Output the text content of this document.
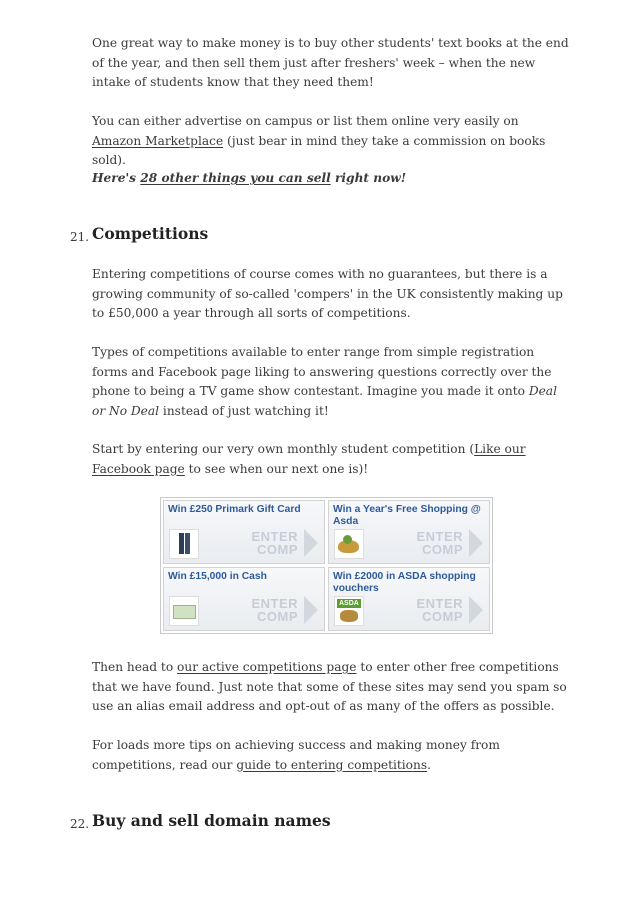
One great way to make money is to buy other students' text books at the end of the year, and then sell them just after freshers' week – when the new intake of students know that they need them!

You can either advertise on campus or list them online very easily on Amazon Marketplace (just bear in mind they take a commission on books sold).

Here's 28 other things you can sell right now!

21. Competitions

Entering competitions of course comes with no guarantees, but there is a growing community of so-called 'compers' in the UK consistently making up to £50,000 a year through all sorts of competitions.

Types of competitions available to enter range from simple registration forms and Facebook page liking to answering questions correctly over the phone to being a TV game show contestant. Imagine you made it onto Deal or No Deal instead of just watching it!

Start by entering our very own monthly student competition (Like our Facebook page to see when our next one is)!

Win £250 Primark Gift Card
ENTER
COMP
Win a Year's Free Shopping @ Asda
ENTER
COMP
Win £15,000 in Cash
ENTER
COMP
Win £2000 in ASDA shopping vouchers
ASDA
ENTER
COMP

Then head to our active competitions page to enter other free competitions that we have found. Just note that some of these sites may send you spam so use an alias email address and opt-out of as many of the offers as possible.

For loads more tips on achieving success and making money from competitions, read our guide to entering competitions.

22. Buy and sell domain names
